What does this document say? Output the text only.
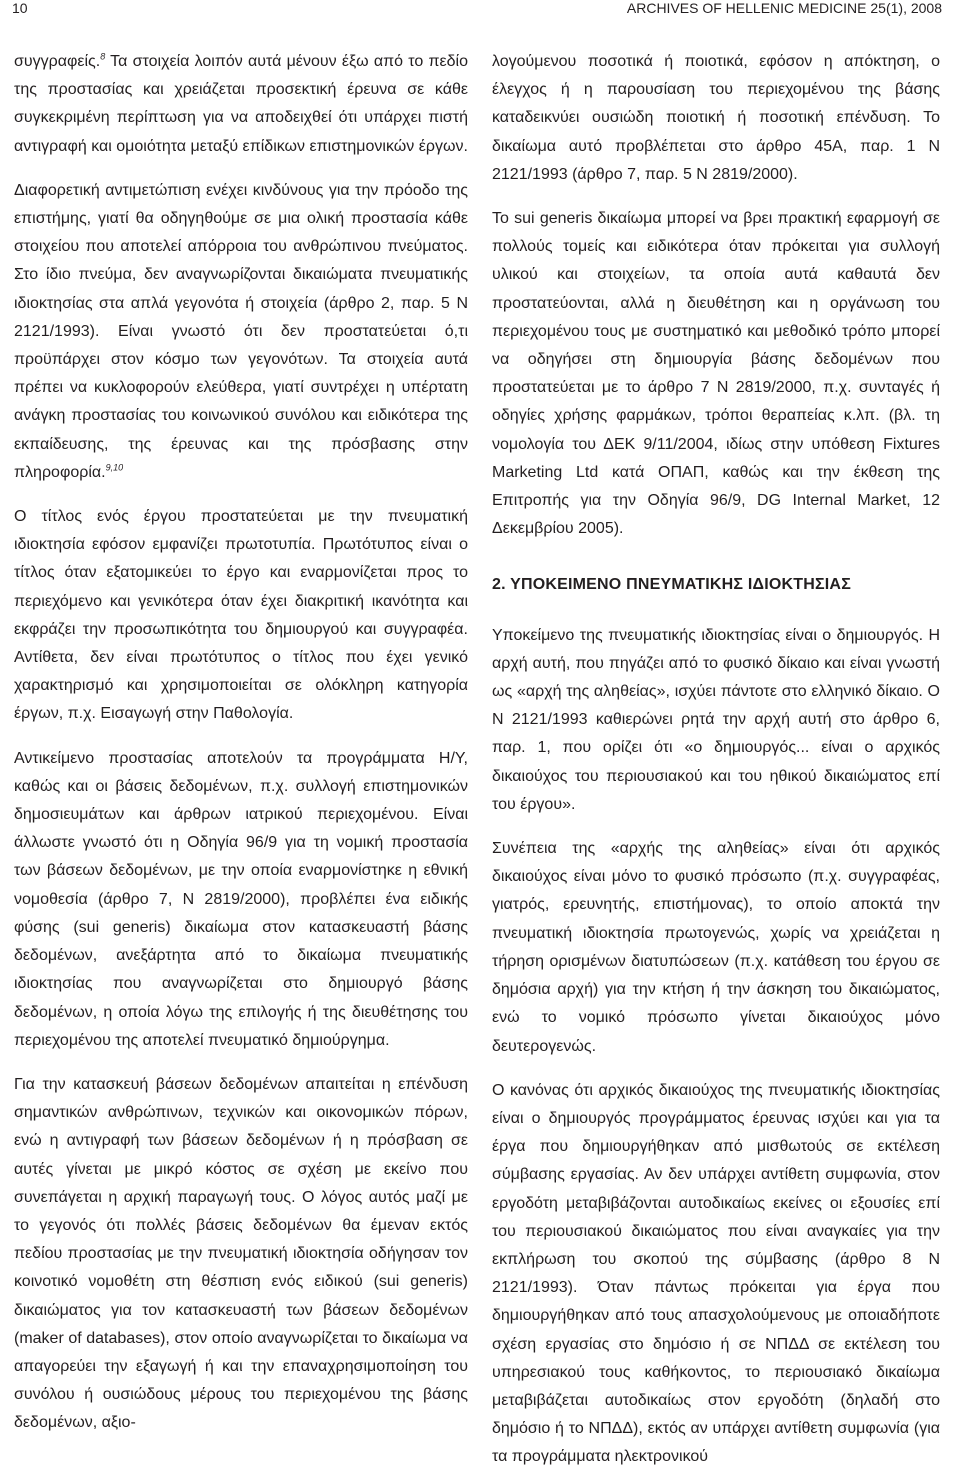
10	ARCHIVES OF HELLENIC MEDICINE 25(1), 2008

συγγραφείς.$^8$ Τα στοιχεία λοιπόν αυτά μένουν έξω από το πεδίο της προστασίας και χρειάζεται προσεκτική έρευνα σε κάθε συγκεκριμένη περίπτωση για να αποδειχθεί ότι υπάρχει πιστή αντιγραφή και ομοιότητα μεταξύ επίδικων επιστημονικών έργων.

Διαφορετική αντιμετώπιση ενέχει κινδύνους για την πρόοδο της επιστήμης, γιατί θα οδηγηθούμε σε μια ολική προστασία κάθε στοιχείου που αποτελεί απόρροια του ανθρώπινου πνεύματος. Στο ίδιο πνεύμα, δεν αναγνωρίζονται δικαιώματα πνευματικής ιδιοκτησίας στα απλά γεγονότα ή στοιχεία (άρθρο 2, παρ. 5 Ν 2121/1993). Είναι γνωστό ότι δεν προστατεύεται ό,τι προϋπάρχει στον κόσμο των γεγονότων. Τα στοιχεία αυτά πρέπει να κυκλοφορούν ελεύθερα, γιατί συντρέχει η υπέρτατη ανάγκη προστασίας του κοινωνικού συνόλου και ειδικότερα της εκπαίδευσης, της έρευνας και της πρόσβασης στην πληροφορία.$^{9,10}$

Ο τίτλος ενός έργου προστατεύεται με την πνευματική ιδιοκτησία εφόσον εμφανίζει πρωτοτυπία. Πρωτότυπος είναι ο τίτλος όταν εξατομικεύει το έργο και εναρμονίζεται προς το περιεχόμενο και γενικότερα όταν έχει διακριτική ικανότητα και εκφράζει την προσωπικότητα του δημιουργού και συγγραφέα. Αντίθετα, δεν είναι πρωτότυπος ο τίτλος που έχει γενικό χαρακτηρισμό και χρησιμοποιείται σε ολόκληρη κατηγορία έργων, π.χ. Εισαγωγή στην Παθολογία.

Αντικείμενο προστασίας αποτελούν τα προγράμματα Η/Υ, καθώς και οι βάσεις δεδομένων, π.χ. συλλογή επιστημονικών δημοσιευμάτων και άρθρων ιατρικού περιεχομένου. Είναι άλλωστε γνωστό ότι η Οδηγία 96/9 για τη νομική προστασία των βάσεων δεδομένων, με την οποία εναρμονίστηκε η εθνική νομοθεσία (άρθρο 7, Ν 2819/2000), προβλέπει ένα ειδικής φύσης (sui generis) δικαίωμα στον κατασκευαστή βάσης δεδομένων, ανεξάρτητα από το δικαίωμα πνευματικής ιδιοκτησίας που αναγνωρίζεται στο δημιουργό βάσης δεδομένων, η οποία λόγω της επιλογής ή της διευθέτησης του περιεχομένου της αποτελεί πνευματικό δημιούργημα.

Για την κατασκευή βάσεων δεδομένων απαιτείται η επένδυση σημαντικών ανθρώπινων, τεχνικών και οικονομικών πόρων, ενώ η αντιγραφή των βάσεων δεδομένων ή η πρόσβαση σε αυτές γίνεται με μικρό κόστος σε σχέση με εκείνο που συνεπάγεται η αρχική παραγωγή τους. Ο λόγος αυτός μαζί με το γεγονός ότι πολλές βάσεις δεδομένων θα έμεναν εκτός πεδίου προστασίας με την πνευματική ιδιοκτησία οδήγησαν τον κοινοτικό νομοθέτη στη θέσπιση ενός ειδικού (sui generis) δικαιώματος για τον κατασκευαστή των βάσεων δεδομένων (maker of databases), στον οποίο αναγνωρίζεται το δικαίωμα να απαγορεύει την εξαγωγή ή και την επαναχρησιμοποίηση του συνόλου ή ουσιώδους μέρους του περιεχομένου της βάσης δεδομένων, αξιο-

λογούμενου ποσοτικά ή ποιοτικά, εφόσον η απόκτηση, ο έλεγχος ή η παρουσίαση του περιεχομένου της βάσης καταδεικνύει ουσιώδη ποιοτική ή ποσοτική επένδυση. Το δικαίωμα αυτό προβλέπεται στο άρθρο 45Α, παρ. 1 Ν 2121/1993 (άρθρο 7, παρ. 5 Ν 2819/2000).

Το sui generis δικαίωμα μπορεί να βρει πρακτική εφαρμογή σε πολλούς τομείς και ειδικότερα όταν πρόκειται για συλλογή υλικού και στοιχείων, τα οποία αυτά καθαυτά δεν προστατεύονται, αλλά η διευθέτηση και η οργάνωση του περιεχομένου τους με συστηματικό και μεθοδικό τρόπο μπορεί να οδηγήσει στη δημιουργία βάσης δεδομένων που προστατεύεται με το άρθρο 7 Ν 2819/2000, π.χ. συνταγές ή οδηγίες χρήσης φαρμάκων, τρόποι θεραπείας κ.λπ. (βλ. τη νομολογία του ΔΕΚ 9/11/2004, ιδίως στην υπόθεση Fixtures Marketing Ltd κατά ΟΠΑΠ, καθώς και την έκθεση της Επιτροπής για την Οδηγία 96/9, DG Internal Market, 12 Δεκεμβρίου 2005).

2. ΥΠΟΚΕΙΜΕΝΟ ΠΝΕΥΜΑΤΙΚΗΣ ΙΔΙΟΚΤΗΣΙΑΣ

Υποκείμενο της πνευματικής ιδιοκτησίας είναι ο δημιουργός. Η αρχή αυτή, που πηγάζει από το φυσικό δίκαιο και είναι γνωστή ως «αρχή της αληθείας», ισχύει πάντοτε στο ελληνικό δίκαιο. Ο Ν 2121/1993 καθιερώνει ρητά την αρχή αυτή στο άρθρο 6, παρ. 1, που ορίζει ότι «ο δημιουργός... είναι ο αρχικός δικαιούχος του περιουσιακού και του ηθικού δικαιώματος επί του έργου».

Συνέπεια της «αρχής της αληθείας» είναι ότι αρχικός δικαιούχος είναι μόνο το φυσικό πρόσωπο (π.χ. συγγραφέας, γιατρός, ερευνητής, επιστήμονας), το οποίο αποκτά την πνευματική ιδιοκτησία πρωτογενώς, χωρίς να χρειάζεται η τήρηση ορισμένων διατυπώσεων (π.χ. κατάθεση του έργου σε δημόσια αρχή) για την κτήση ή την άσκηση του δικαιώματος, ενώ το νομικό πρόσωπο γίνεται δικαιούχος μόνο δευτερογενώς.

Ο κανόνας ότι αρχικός δικαιούχος της πνευματικής ιδιοκτησίας είναι ο δημιουργός προγράμματος έρευνας ισχύει και για τα έργα που δημιουργήθηκαν από μισθωτούς σε εκτέλεση σύμβασης εργασίας. Αν δεν υπάρχει αντίθετη συμφωνία, στον εργοδότη μεταβιβάζονται αυτοδικαίως εκείνες οι εξουσίες επί του περιουσιακού δικαιώματος που είναι αναγκαίες για την εκπλήρωση του σκοπού της σύμβασης (άρθρο 8 Ν 2121/1993). Όταν πάντως πρόκειται για έργα που δημιουργήθηκαν από τους απασχολούμενους με οποιαδήποτε σχέση εργασίας στο δημόσιο ή σε ΝΠΔΔ σε εκτέλεση του υπηρεσιακού τους καθήκοντος, το περιουσιακό δικαίωμα μεταβιβάζεται αυτοδικαίως στον εργοδότη (δηλαδή στο δημόσιο ή το ΝΠΔΔ), εκτός αν υπάρχει αντίθετη συμφωνία (για τα προγράμματα ηλεκτρονικού
